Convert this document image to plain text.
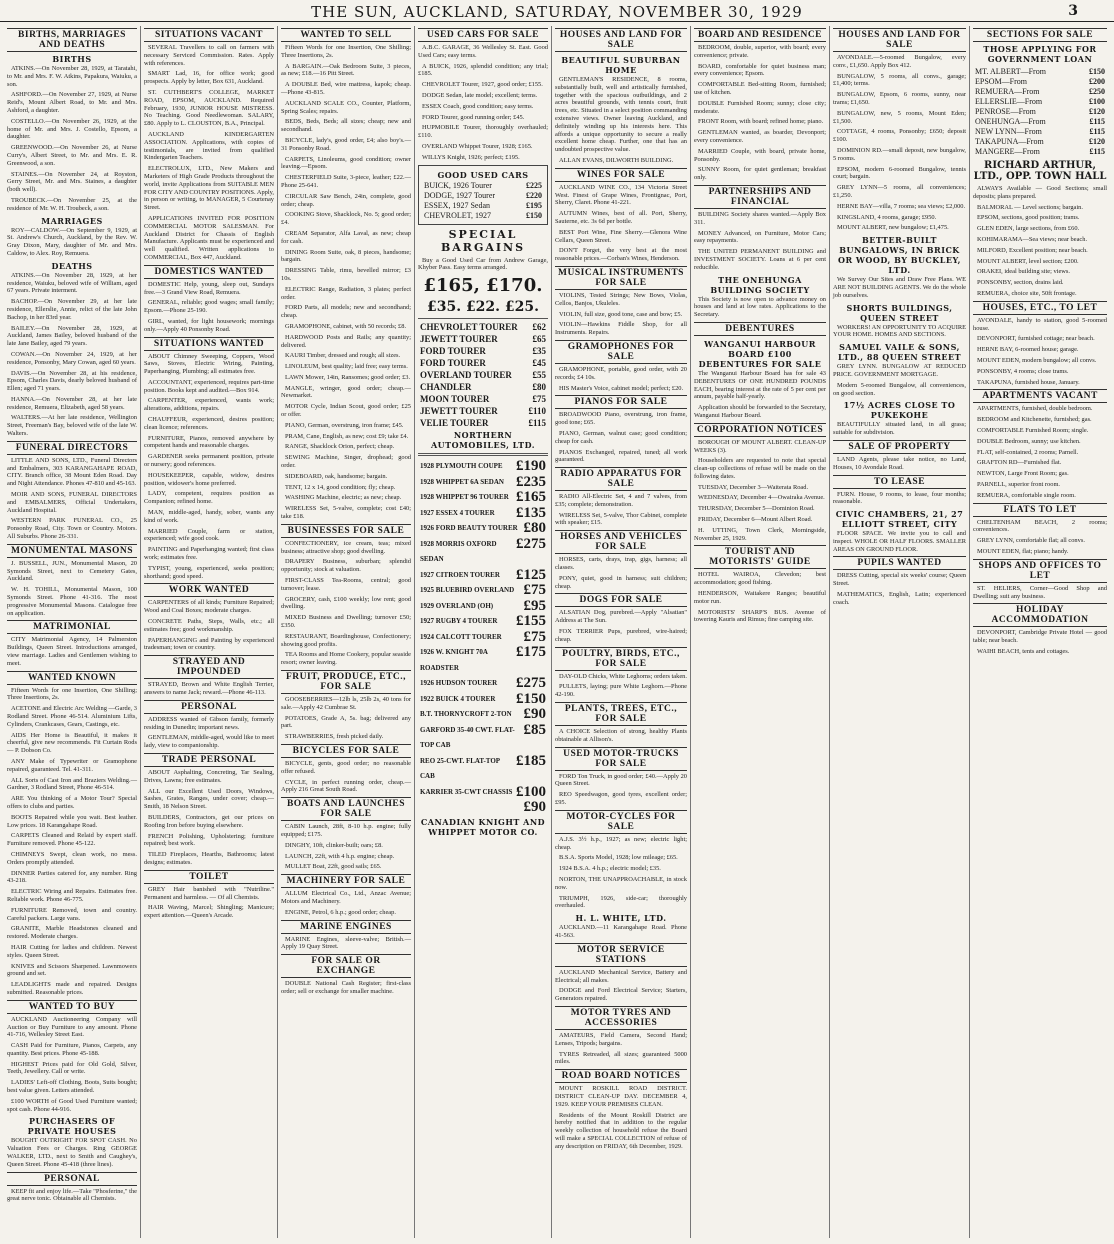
THE SUN, AUCKLAND, SATURDAY, NOVEMBER 30, 1929	3
BIRTHS, MARRIAGES AND DEATHS
BIRTHS
ATKINS.—On November 28, 1929, at Taratahi, to Mr. and Mrs. F. W. Atkins, Papakura, Waiuku, a son.
ASHFORD.—On November 27, 1929, at Nurse Reid's, Mount Albert Road, to Mr. and Mrs. Ashford, a daughter.
COSTELLO.—On November 26, 1929, at the home of Mr. and Mrs. J. Costello, Epsom, a daughter.
GREENWOOD.—On November 26, at Nurse Curry's, Albert Street, to Mr. and Mrs. E. R. Greenwood, a son.
STAINES.—On November 24, at Royston, Gerry Street, Mr. and Mrs. Staines, a daughter (both well).
TROUBECK.—On November 25, at the residence of Mr. W. H. Troubeck, a son.
MARRIAGES
ROY—CALDOW.—On September 9, 1929, at St. Andrew's Church, Auckland, by the Rev. W. Gray Dixon, Mary, daughter of Mr. and Mrs. Caldow, to Alex. Roy, Remuera.
DEATHS
ATKINS.—On November 28, 1929, at her residence, Waiuku, beloved wife of William, aged 67 years. Private interment.
BACHOP.—On November 29, at her late residence, Ellerslie, Annie, relict of the late John Bachop, in her 83rd year.
BAILEY.—On November 28, 1929, at Auckland, James Bailey, beloved husband of the late Jane Bailey, aged 79 years.
COWAN.—On November 24, 1929, at her residence, Ponsonby, Mary Cowan, aged 60 years.
DAVIS.—On November 28, at his residence, Epsom, Charles Davis, dearly beloved husband of Ellen; aged 71 years.
HANNA.—On November 28, at her late residence, Remuera, Elizabeth, aged 58 years.
WALTERS.—At her late residence, Wellington Street, Freeman's Bay, beloved wife of the late W. Walters.
FUNERAL DIRECTORS
LITTLE AND SONS, LTD., Funeral Directors and Embalmers, 303 KARANGAHAPE ROAD, CITY. Branch office, 38 Mount Eden Road. Day and Night Attendance. Phones 47-810 and 45-163.
MOIR AND SONS, FUNERAL DIRECTORS and EMBALMERS, Official Undertakers, Auckland Hospital.
WESTERN PARK FUNERAL CO., 25 Ponsonby Road, City. Town or Country. Motors. All Suburbs. Phone 26-331.
MONUMENTAL MASONS
J. BUSSELL, JUN., Monumental Mason, 20 Symonds Street, next to Cemetery Gates, Auckland.
W. H. TOHILL, Monumental Mason, 100 Symonds Street. Phone 41-316. The most progressive Monumental Masons. Catalogue free on application.
MATRIMONIAL
CITY Matrimonial Agency, 14 Palmerston Buildings, Queen Street. Introductions arranged, view marriage. Ladies and Gentlemen wishing to meet.
WANTED KNOWN
Fifteen Words for one Insertion, One Shilling; Three Insertions, 2s.
ACETONE and Electric Arc Welding —Garde, 3 Rodland Street. Phone 46-514. Aluminium Lifts, Cylinders, Crankcases, Gears, Castings, etc.
AIDS Her Home is Beautiful, it makes it cheerful, give new recommends. Fit Curtain Rods — P. Dobson Co.
ANY Make of Typewriter or Gramophone repaired, guaranteed. Tel. 41-311.
ALL Sorts of Cast Iron and Braziers Welding.—Gardner, 3 Rodland Street, Phone 46-514.
ARE You thinking of a Motor Tour? Special offers to clubs and parties.
BOOTS Repaired while you wait. Best leather. Low prices. 18 Karangahape Road.
CARPETS Cleaned and Relaid by expert staff. Furniture removed. Phone 45-122.
CHIMNEYS Swept, clean work, no mess. Orders promptly attended.
DINNER Parties catered for, any number. Ring 43-218.
ELECTRIC Wiring and Repairs. Estimates free. Reliable work. Phone 46-775.
FURNITURE Removed, town and country. Careful packers. Large vans.
GRANITE, Marble Headstones cleaned and restored. Moderate charges.
HAIR Cutting for ladies and children. Newest styles. Queen Street.
KNIVES and Scissors Sharpened. Lawnmowers ground and set.
LEADLIGHTS made and repaired. Designs submitted. Reasonable prices.
WANTED TO BUY
AUCKLAND Auctioneering Company will Auction or Buy Furniture to any amount. Phone 41-716, Wellesley Street East.
CASH Paid for Furniture, Pianos, Carpets, any quantity. Best prices. Phone 45-188.
HIGHEST Prices paid for Old Gold, Silver, Teeth, Jewellery. Call or write.
LADIES' Left-off Clothing, Boots, Suits bought; best value given. Letters attended.
£100 WORTH of Good Used Furniture wanted; spot cash. Phone 44-916.
PURCHASERS OF PRIVATE HOUSES
BOUGHT OUTRIGHT FOR SPOT CASH. No Valuation Fees or Charges. Ring GEORGE WALKER, LTD., next to Smith and Caughey's, Queen Street. Phone 45-418 (three lines).
PERSONAL
KEEP fit and enjoy life.—Take "Phosferine," the great nerve tonic. Obtainable all Chemists.
SITUATIONS VACANT
SEVERAL Travellers to call on farmers with necessary Serviced Commission. Rates. Apply with references.
SMART Lad, 16, for office work; good prospects. Apply by letter, Box 631, Auckland.
ST. CUTHBERT'S COLLEGE, MARKET ROAD, EPSOM, AUCKLAND. Required February, 1930, JUNIOR HOUSE MISTRESS. No Teaching. Good Needlewoman. SALARY, £80. Apply to L. CLOUSTON, B.A., Principal.
AUCKLAND KINDERGARTEN ASSOCIATION. Applications, with copies of testimonials, are invited from qualified Kindergarten Teachers.
ELECTROLUX, LTD., New Makers and Marketers of High Grade Products throughout the world, invite Applications from SUITABLE MEN FOR CITY AND COUNTRY POSITIONS. Apply, in person or writing, to MANAGER, 5 Courtenay Street.
APPLICATIONS INVITED FOR POSITION COMMERCIAL MOTOR SALESMAN. For Auckland District for Chassis of English Manufacture. Applicants must be experienced and well qualified. Written applications to COMMERCIAL, Box 447, Auckland.
DOMESTICS WANTED
DOMESTIC Help, young, sleep out, Sundays free.—3 Grand View Road, Remuera.
GENERAL, reliable; good wages; small family; Epsom.—Phone 25-190.
GIRL, wanted, for light housework; mornings only.—Apply 40 Ponsonby Road.
SITUATIONS WANTED
ABOUT Chimney Sweeping, Coppers, Wood Saws, Stoves, Electric Wiring, Painting, Paperhanging, Plumbing; all estimates free.
ACCOUNTANT, experienced, requires part-time position. Books kept and audited.—Box 914.
CARPENTER, experienced, wants work; alterations, additions, repairs.
CHAUFFEUR, experienced, desires position; clean licence; references.
FURNITURE, Pianos, removed anywhere by competent hands and reasonable charges.
GARDENER seeks permanent position, private or nursery; good references.
HOUSEKEEPER, capable, widow, desires position, widower's home preferred.
LADY, competent, requires position as Companion; refined home.
MAN, middle-aged, handy, sober, wants any kind of work.
MARRIED Couple, farm or station, experienced; wife good cook.
PAINTING and Paperhanging wanted; first class work; estimates free.
TYPIST, young, experienced, seeks position; shorthand; good speed.
WORK WANTED
CARPENTERS of all kinds; Furniture Repaired; Wood and Coal Boxes; moderate charges.
CONCRETE Paths, Steps, Walls, etc.; all estimates free; good workmanship.
PAPERHANGING and Painting by experienced tradesman; town or country.
STRAYED AND IMPOUNDED
STRAYED, Brown and White English Terrier, answers to name Jack; reward.—Phone 46-113.
PERSONAL
ADDRESS wanted of Gibson family, formerly residing in Dunedin; important news.
GENTLEMAN, middle-aged, would like to meet lady, view to companionship.
TRADE PERSONAL
ABOUT Asphalting, Concreting, Tar Sealing, Drives, Lawns; free estimates.
ALL our Excellent Used Doors, Windows, Sashes, Grates, Ranges, under cover; cheap.—Smith, 18 Nelson Street.
BUILDERS, Contractors, get our prices on Roofing Iron before buying elsewhere.
FRENCH Polishing, Upholstering; furniture repaired; best work.
TILED Fireplaces, Hearths, Bathrooms; latest designs; estimates.
TOILET
GREY Hair banished with "Nutriline." Permanent and harmless. — Of all Chemists.
HAIR Waving, Marcel; Shingling; Manicure; expert attention.—Queen's Arcade.
WANTED TO SELL
Fifteen Words for one Insertion, One Shilling; Three Insertions, 2s.
A BARGAIN.—Oak Bedroom Suite, 3 pieces, as new; £18.—16 Pitt Street.
A DOUBLE Bed, wire mattress, kapok; cheap.—Phone 43-815.
AUCKLAND SCALE CO., Counter, Platform, Spring Scales; repairs.
BEDS, Beds, Beds; all sizes; cheap; new and secondhand.
BICYCLE, lady's, good order, £4; also boy's.—31 Ponsonby Road.
CARPETS, Linoleums, good condition; owner leaving.—Epsom.
CHESTERFIELD Suite, 3-piece, leather; £22.—Phone 25-641.
CIRCULAR Saw Bench, 24in, complete, good order; cheap.
COOKING Stove, Shacklock, No. 5; good order; £4.
CREAM Separator, Alfa Laval, as new; cheap for cash.
DINING Room Suite, oak, 8 pieces, handsome; bargain.
DRESSING Table, rimu, bevelled mirror; £3 10s.
ELECTRIC Range, Radiation, 3 plates; perfect order.
FORD Parts, all models; new and secondhand; cheap.
GRAMOPHONE, cabinet, with 50 records; £8.
HARDWOOD Posts and Rails; any quantity; delivered.
KAURI Timber, dressed and rough; all sizes.
LINOLEUM, best quality; laid free; easy terms.
LAWN Mower, 14in, Ransomes; good order; £3.
MANGLE, wringer, good order; cheap.—Newmarket.
MOTOR Cycle, Indian Scout, good order; £25 or offer.
PIANO, German, overstrung, iron frame; £45.
PRAM, Cane, English, as new; cost £9; take £4.
RANGE, Shacklock Orion, perfect; cheap.
SEWING Machine, Singer, drophead; good order.
SIDEBOARD, oak, handsome; bargain.
TENT, 12 x 14, good condition; fly; cheap.
WASHING Machine, electric; as new; cheap.
WIRELESS Set, 5-valve, complete; cost £40; take £18.
BUSINESSES FOR SALE
CONFECTIONERY, ice cream, teas; mixed business; attractive shop; good dwelling.
DRAPERY Business, suburban; splendid opportunity; stock at valuation.
FIRST-CLASS Tea-Rooms, central; good turnover; lease.
GROCERY, cash, £100 weekly; low rent; good dwelling.
MIXED Business and Dwelling; turnover £50; £350.
RESTAURANT, Boardinghouse, Confectionery; showing good profits.
TEA Rooms and Home Cookery, popular seaside resort; owner leaving.
FRUIT, PRODUCE, ETC., FOR SALE
GOOSEBERRIES—12lb ls, 25lb 2s, 40 tons for sale.—Apply 42 Cumbrae St.
POTATOES, Grade A, 5s. bag; delivered any part.
STRAWBERRIES, fresh picked daily.
BICYCLES FOR SALE
BICYCLE, gents, good order; no reasonable offer refused.
CYCLE, in perfect running order, cheap.—Apply 216 Great South Road.
BOATS AND LAUNCHES FOR SALE
CABIN Launch, 28ft, 8-10 h.p. engine; fully equipped; £175.
DINGHY, 10ft, clinker-built; oars; £8.
LAUNCH, 22ft, with 4 h.p. engine; cheap.
MULLET Boat, 22ft, good sails; £65.
MACHINERY FOR SALE
ALLUM Electrical Co., Ltd., Anzac Avenue; Motors and Machinery.
ENGINE, Petrol, 6 h.p.; good order; cheap.
MARINE ENGINES
MARINE Engines, sleeve-valve; British.—Apply 19 Quay Street.
FOR SALE OR EXCHANGE
DOUBLE National Cash Register; first-class order; sell or exchange for smaller machine.
USED CARS FOR SALE
A.B.C. GARAGE, 36 Wellesley St. East. Good Used Cars; easy terms.
A BUICK, 1926, splendid condition; any trial; £185.
CHEVROLET Tourer, 1927, good order; £155.
DODGE Sedan, late model; excellent; terms.
ESSEX Coach, good condition; easy terms.
FORD Tourer, good running order; £45.
HUPMOBILE Tourer, thoroughly overhauled; £110.
OVERLAND Whippet Tourer, 1928; £165.
WILLYS Knight, 1926; perfect; £195.
GOOD USED CARS
BUICK, 1926 Tourer	£225
DODGE, 1927 Tourer	£220
ESSEX, 1927 Sedan	£195
CHEVROLET, 1927	£150
SPECIAL BARGAINS
Buy a Good Used Car from Andrew Garage, Khyber Pass. Easy terms arranged.
£165, £170.
£35. £22. £25.
CHEVROLET TOURER £62
JEWETT TOURER	£65
FORD TOURER	£35
FORD TOURER	£45
OVERLAND TOURER £55
CHANDLER	£80
MOON TOURER	£75
JEWETT TOURER	£110
VELIE TOURER	£115
NORTHERN AUTOMOBILES, LTD.
1928 PLYMOUTH COUPE £190
1928 WHIPPET 6A SEDAN £235
1928 WHIPPET 96 TOURER £165
1927 ESSEX 4 TOURER £135
1926 FORD BEAUTY TOURER £80
1928 MORRIS OXFORD SEDAN
£275
1927 CITROEN TOURER £125
1925 BLUEBIRD OVERLAND £75
1929 OVERLAND (OH) £95
1927 RUGBY 4 TOURER £155
1924 CALCOTT TOURER £75
1926 W. KNIGHT 70A ROADSTER
£175
1926 HUDSON TOURER £275
1922 BUICK 4 TOURER £150
B.T. THORNYCROFT 2-TON £90
GARFORD 35-40 CWT. FLAT-TOP CAB
£85
REO 25-CWT. FLAT-TOP CAB
£185
KARRIER 35-CWT CHASSIS £100
£90
CANADIAN KNIGHT AND WHIPPET MOTOR CO.
HOUSES AND LAND FOR SALE
BEAUTIFUL SUBURBAN HOME
GENTLEMAN'S RESIDENCE, 8 rooms, substantially built, well and artistically furnished, together with the spacious outbuildings, and 2 acres beautiful grounds, with tennis court, fruit trees, etc. Situated in a select position commanding extensive views. Owner leaving Auckland, and definitely winding up his interests here. This affords a unique opportunity to secure a really excellent home cheap. Further, one that has an undoubted prospective value.
ALLAN EVANS, DILWORTH BUILDING.
WINES FOR SALE
AUCKLAND WINE CO., 134 Victoria Street West. Finest of Grape Wines, Frontignac, Port, Sherry, Claret. Phone 41-221.
AUTUMN Wines, best of all. Port, Sherry, Sauterne, etc. 3s 6d per bottle.
BEST Port Wine, Fine Sherry.—Glenora Wine Cellars, Queen Street.
DON'T Forget, the very best at the most reasonable prices.—Corban's Wines, Henderson.
MUSICAL INSTRUMENTS FOR SALE
VIOLINS, Tested Strings; New Bows, Violas, Cellos, Banjos, Ukuleles.
VIOLIN, full size, good tone, case and bow; £5.
VIOLIN—Hawkins Fiddle Shop, for all Instruments. Repairs.
GRAMOPHONES FOR SALE
GRAMOPHONE, portable, good order, with 20 records; £4 10s.
HIS Master's Voice, cabinet model; perfect; £20.
PIANOS FOR SALE
BROADWOOD Piano, overstrung, iron frame, good tone; £65.
PIANO, German, walnut case; good condition; cheap for cash.
PIANOS Exchanged, repaired, tuned; all work guaranteed.
RADIO APPARATUS FOR SALE
RADIO All-Electric Set, 4 and 7 valves, from £35; complete; demonstration.
WIRELESS Set, 5-valve, Thor Cabinet, complete with speaker; £15.
HORSES AND VEHICLES FOR SALE
HORSES, carts, drays, trap, gigs, harness; all classes.
PONY, quiet, good in harness; suit children; cheap.
DOGS FOR SALE
ALSATIAN Dog, purebred.—Apply "Alsatian" Address at The Sun.
FOX TERRIER Pups, purebred, wire-haired; cheap.
POULTRY, BIRDS, ETC., FOR SALE
DAY-OLD Chicks, White Leghorns; orders taken.
PULLETS, laying; pure White Leghorn.—Phone 42-190.
PLANTS, TREES, ETC., FOR SALE
A CHOICE Selection of strong, healthy Plants obtainable at Allison's.
USED MOTOR-TRUCKS FOR SALE
FORD Ton Truck, in good order; £40.—Apply 20 Queen Street.
REO Speedwagon, good tyres, excellent order; £95.
MOTOR-CYCLES FOR SALE
A.J.S. 3½ h.p., 1927; as new; electric light; cheap.
B.S.A. Sports Model, 1928; low mileage; £65.
1924 B.S.A. 4 h.p.; electric model; £35.
NORTON, THE UNAPPROACHABLE, in stock now.
TRIUMPH, 1926, side-car; thoroughly overhauled.
H. L. WHITE, LTD.
AUCKLAND.—11 Karangahape Road. Phone 41-563.
MOTOR SERVICE STATIONS
AUCKLAND Mechanical Service, Battery and Electrical; all makes.
DODGE and Ford Electrical Service; Starters, Generators repaired.
MOTOR TYRES AND ACCESSORIES
AMATEURS, Field Camera, Second Hand; Lenses, Tripods; bargains.
TYRES Retreaded, all sizes; guaranteed 5000 miles.
ROAD BOARD NOTICES
MOUNT ROSKILL ROAD DISTRICT. DISTRICT CLEAN-UP DAY. DECEMBER 4, 1929. KEEP YOUR PREMISES CLEAN.
Residents of the Mount Roskill District are hereby notified that in addition to the regular weekly collection of household refuse the Board will make a SPECIAL COLLECTION of refuse of any description on FRIDAY, 6th December, 1929.
BOARD AND RESIDENCE
BEDROOM, double, superior, with board; every convenience; private.
BOARD, comfortable for quiet business man; every convenience; Epsom.
COMFORTABLE Bed-sitting Room, furnished; use of kitchen.
DOUBLE Furnished Room; sunny; close city; moderate.
FRONT Room, with board; refined home; piano.
GENTLEMAN wanted, as boarder, Devonport; every convenience.
MARRIED Couple, with board, private home, Ponsonby.
SUNNY Room, for quiet gentleman; breakfast only.
PARTNERSHIPS AND FINANCIAL
BUILDING Society shares wanted.—Apply Box 311.
MONEY Advanced, on Furniture, Motor Cars; easy repayments.
THE UNITED PERMANENT BUILDING and INVESTMENT SOCIETY. Loans at 6 per cent reducible.
THE ONEHUNGA BUILDING SOCIETY
This Society is now open to advance money on houses and land at low rates. Applications to the Secretary.
DEBENTURES
WANGANUI HARBOUR BOARD £100 DEBENTURES FOR SALE
The Wanganui Harbour Board has for sale 43 DEBENTURES OF ONE HUNDRED POUNDS EACH, bearing interest at the rate of 5 per cent per annum, payable half-yearly.
Application should be forwarded to the Secretary, Wanganui Harbour Board.
CORPORATION NOTICES
BOROUGH OF MOUNT ALBERT. CLEAN-UP WEEKS (3).
Householders are requested to note that special clean-up collections of refuse will be made on the following dates.
TUESDAY, December 3—Waiterata Road.
WEDNESDAY, December 4—Owairaka Avenue.
THURSDAY, December 5—Dominion Road.
FRIDAY, December 6—Mount Albert Road.
H. UTTING, Town Clerk, Morningside, November 25, 1929.
TOURIST AND MOTORISTS' GUIDE
HOTEL WAIROA, Clevedon; best accommodation; good fishing.
HENDERSON, Waitakere Ranges; beautiful motor run.
MOTORISTS' SHARP'S BUS. Avenue of towering Kauris and Rimus; fine camping site.
HOUSES AND LAND FOR SALE
AVONDALE.—5-roomed Bungalow, every conv., £1,650. Apply Box 412.
BUNGALOW, 5 rooms, all convs., garage; £1,400; terms.
BUNGALOW, Epsom, 6 rooms, sunny, near trams; £1,650.
BUNGALOW, new, 5 rooms, Mount Eden; £1,500.
COTTAGE, 4 rooms, Ponsonby; £650; deposit £100.
DOMINION RD.—small deposit, new bungalow, 5 rooms.
EPSOM, modern 6-roomed Bungalow, tennis court; bargain.
GREY LYNN—5 rooms, all conveniences; £1,250.
HERNE BAY—villa, 7 rooms; sea views; £2,000.
KINGSLAND, 4 rooms, garage; £950.
MOUNT ALBERT, new bungalow; £1,475.
BETTER-BUILT BUNGALOWS, IN BRICK OR WOOD, BY BUCKLEY, LTD.
We Survey Our Sites and Draw Free Plans. WE ARE NOT BUILDING AGENTS. We do the whole job ourselves.
SHORTS BUILDINGS, QUEEN STREET
WORKERS! AN OPPORTUNITY TO ACQUIRE YOUR HOME. HOMES AND SECTIONS.
SAMUEL VAILE & SONS, LTD., 88 QUEEN STREET
GREY LYNN. BUNGALOW AT REDUCED PRICE. GOVERNMENT MORTGAGE.
Modern 5-roomed Bungalow, all conveniences, on good section.
17½ ACRES CLOSE TO PUKEKOHE
BEAUTIFULLY situated land, in all grass; suitable for subdivision.
SALE OF PROPERTY
LAND Agents, please take notice, no Land, Houses, 10 Avondale Road.
TO LEASE
FURN. House, 9 rooms, to lease, four months; reasonable.
CIVIC CHAMBERS, 21, 27 ELLIOTT STREET, CITY
FLOOR SPACE. We invite you to call and inspect. WHOLE OR HALF FLOORS. SMALLER AREAS ON GROUND FLOOR.
PUPILS WANTED
DRESS Cutting, special six weeks' course; Queen Street.
MATHEMATICS, English, Latin; experienced coach.
SECTIONS FOR SALE
THOSE APPLYING FOR GOVERNMENT LOAN
MT. ALBERT—From	£150
EPSOM—From	£200
REMUERA—From	£250
ELLERSLIE—From	£100
PENROSE—From	£120
ONEHUNGA—From	£115
NEW LYNN—From	£115
TAKAPUNA—From	£120
MANGERE—From	£115
RICHARD ARTHUR, LTD., OPP. TOWN HALL
ALWAYS Available — Good Sections; small deposits; plans prepared.
BALMORAL — Level sections; bargain.
EPSOM, sections, good position; trams.
GLEN EDEN, large sections, from £60.
KOHIMARAMA—Sea views; near beach.
MILFORD, Excellent position; near beach.
MOUNT ALBERT, level section; £200.
ORAKEI, ideal building site; views.
PONSONBY, section, drains laid.
REMUERA, choice site, 50ft frontage.
HOUSES, ETC., TO LET
AVONDALE, handy to station, good 5-roomed house.
DEVONPORT, furnished cottage; near beach.
HERNE BAY, 6-roomed house; garage.
MOUNT EDEN, modern bungalow; all convs.
PONSONBY, 4 rooms; close trams.
TAKAPUNA, furnished house, January.
APARTMENTS VACANT
APARTMENTS, furnished, double bedroom.
BEDROOM and Kitchenette, furnished; gas.
COMFORTABLE Furnished Room; single.
DOUBLE Bedroom, sunny; use kitchen.
FLAT, self-contained, 2 rooms; Parnell.
GRAFTON RD—Furnished flat.
NEWTON, Large Front Room; gas.
PARNELL, superior front room.
REMUERA, comfortable single room.
FLATS TO LET
CHELTENHAM BEACH, 2 rooms; conveniences.
GREY LYNN, comfortable flat; all convs.
MOUNT EDEN, flat; piano; handy.
SHOPS AND OFFICES TO LET
ST. HELIERS, Corner—Good Shop and Dwelling; suit any business.
HOLIDAY ACCOMMODATION
DEVONPORT, Cambridge Private Hotel — good table; near beach.
WAIHI BEACH, tents and cottages.
